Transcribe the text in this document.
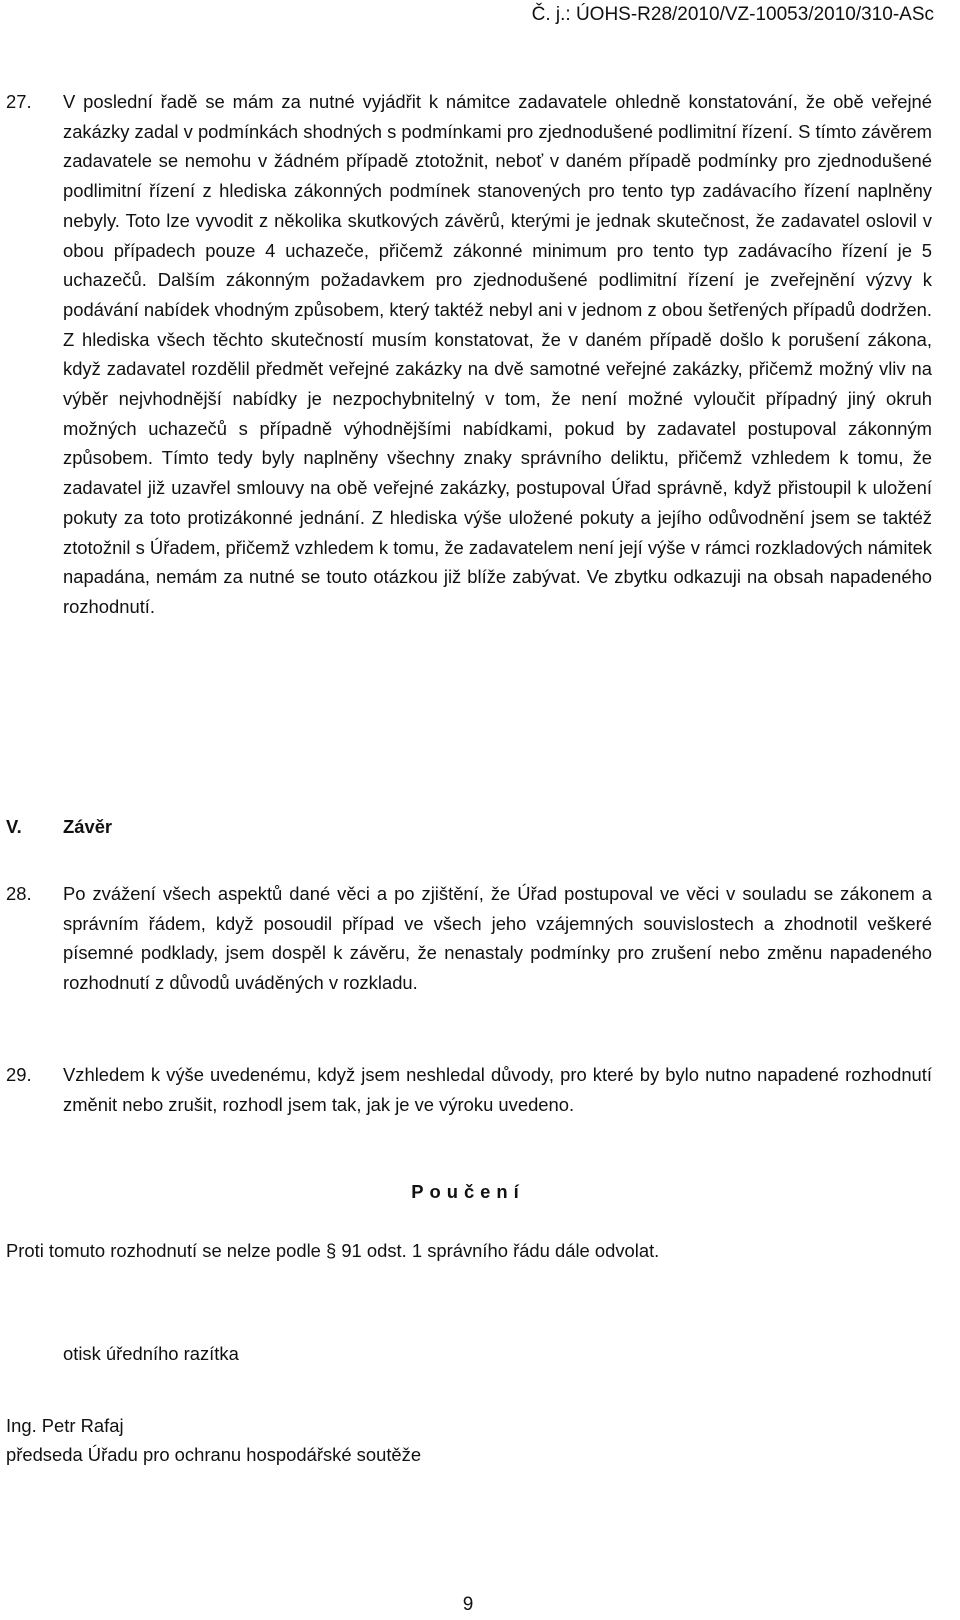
Č. j.: ÚOHS-R28/2010/VZ-10053/2010/310-ASc
27.	V poslední řadě se mám za nutné vyjádřit k námitce zadavatele ohledně konstatování, že obě veřejné zakázky zadal v podmínkách shodných s podmínkami pro zjednodušené podlimitní řízení. S tímto závěrem zadavatele se nemohu v žádném případě ztotožnit, neboť v daném případě podmínky pro zjednodušené podlimitní řízení z hlediska zákonných podmínek stanovených pro tento typ zadávacího řízení naplněny nebyly. Toto lze vyvodit z několika skutkových závěrů, kterými je jednak skutečnost, že zadavatel oslovil v obou případech pouze 4 uchazeče, přičemž zákonné minimum pro tento typ zadávacího řízení je 5 uchazečů. Dalším zákonným požadavkem pro zjednodušené podlimitní řízení je zveřejnění výzvy k podávání nabídek vhodným způsobem, který taktéž nebyl ani v jednom z obou šetřených případů dodržen. Z hlediska všech těchto skutečností musím konstatovat, že v daném případě došlo k porušení zákona, když zadavatel rozdělil předmět veřejné zakázky na dvě samotné veřejné zakázky, přičemž možný vliv na výběr nejvhodnější nabídky je nezpochybnitelný v tom, že není možné vyloučit případný jiný okruh možných uchazečů s případně výhodnějšími nabídkami, pokud by zadavatel postupoval zákonným způsobem. Tímto tedy byly naplněny všechny znaky správního deliktu, přičemž vzhledem k tomu, že zadavatel již uzavřel smlouvy na obě veřejné zakázky, postupoval Úřad správně, když přistoupil k uložení pokuty za toto protizákonné jednání. Z hlediska výše uložené pokuty a jejího odůvodnění jsem se taktéž ztotožnil s Úřadem, přičemž vzhledem k tomu, že zadavatelem není její výše v rámci rozkladových námitek napadána, nemám za nutné se touto otázkou již blíže zabývat. Ve zbytku odkazuji na obsah napadeného rozhodnutí.
V. Závěr
28.	Po zvážení všech aspektů dané věci a po zjištění, že Úřad postupoval ve věci v souladu se zákonem a správním řádem, když posoudil případ ve všech jeho vzájemných souvislostech a zhodnotil veškeré písemné podklady, jsem dospěl k závěru, že nenastaly podmínky pro zrušení nebo změnu napadeného rozhodnutí z důvodů uváděných v rozkladu.
29.	Vzhledem k výše uvedenému, když jsem neshledal důvody, pro které by bylo nutno napadené rozhodnutí změnit nebo zrušit, rozhodl jsem tak, jak je ve výroku uvedeno.
Poučení
Proti tomuto rozhodnutí se nelze podle § 91 odst. 1 správního řádu dále odvolat.
otisk úředního razítka
Ing. Petr Rafaj
předseda Úřadu pro ochranu hospodářské soutěže
9
